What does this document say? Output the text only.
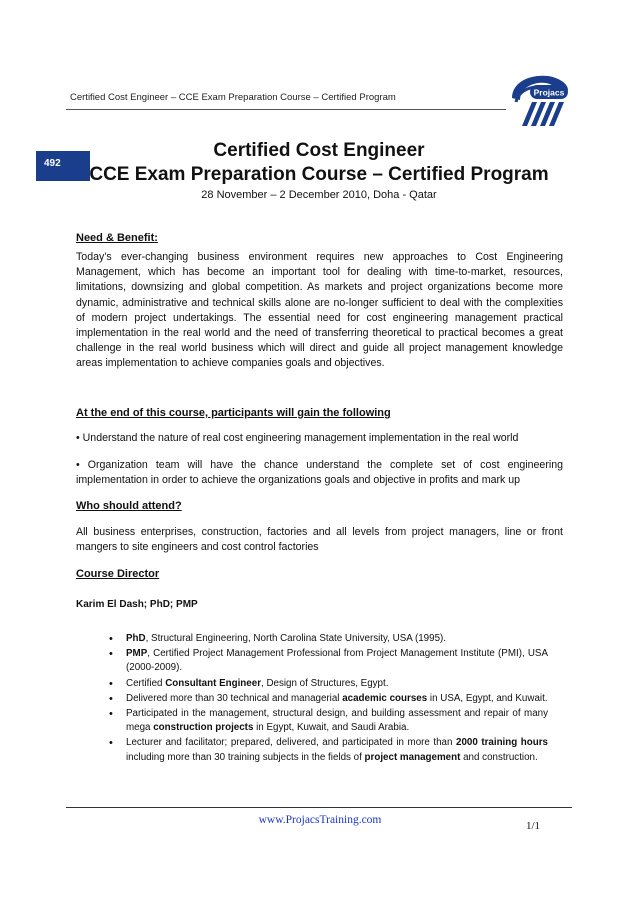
Certified Cost Engineer – CCE Exam Preparation Course – Certified Program	Projacs
492
Certified Cost Engineer
CCE Exam Preparation Course – Certified Program
28 November – 2 December 2010, Doha - Qatar
Need & Benefit:
Today’s ever-changing business environment requires new approaches to Cost Engineering Management, which has become an important tool for dealing with time-to-market, resources, limitations, downsizing and global competition. As markets and project organizations become more dynamic, administrative and technical skills alone are no-longer sufficient to deal with the complexities of modern project undertakings. The essential need for cost engineering management practical implementation in the real world and the need of transferring theoretical to practical becomes a great challenge in the real world business which will direct and guide all project management knowledge areas implementation to achieve companies goals and objectives.
At the end of this course, participants will gain the following
• Understand the nature of real cost engineering management implementation in the real world
• Organization team will have the chance understand the complete set of cost engineering implementation in order to achieve the organizations goals and objective in profits and mark up
Who should attend?
All business enterprises, construction, factories and all levels from project managers, line or front mangers to site engineers and cost control factories
Course Director
Karim El Dash; PhD; PMP
• PhD, Structural Engineering, North Carolina State University, USA (1995).
• PMP, Certified Project Management Professional from Project Management Institute (PMI), USA (2000-2009).
• Certified Consultant Engineer, Design of Structures, Egypt.
• Delivered more than 30 technical and managerial academic courses in USA, Egypt, and Kuwait.
• Participated in the management, structural design, and building assessment and repair of many mega construction projects in Egypt, Kuwait, and Saudi Arabia.
• Lecturer and facilitator; prepared, delivered, and participated in more than 2000 training hours including more than 30 training subjects in the fields of project management and construction.
www.ProjacsTraining.com	1/1
